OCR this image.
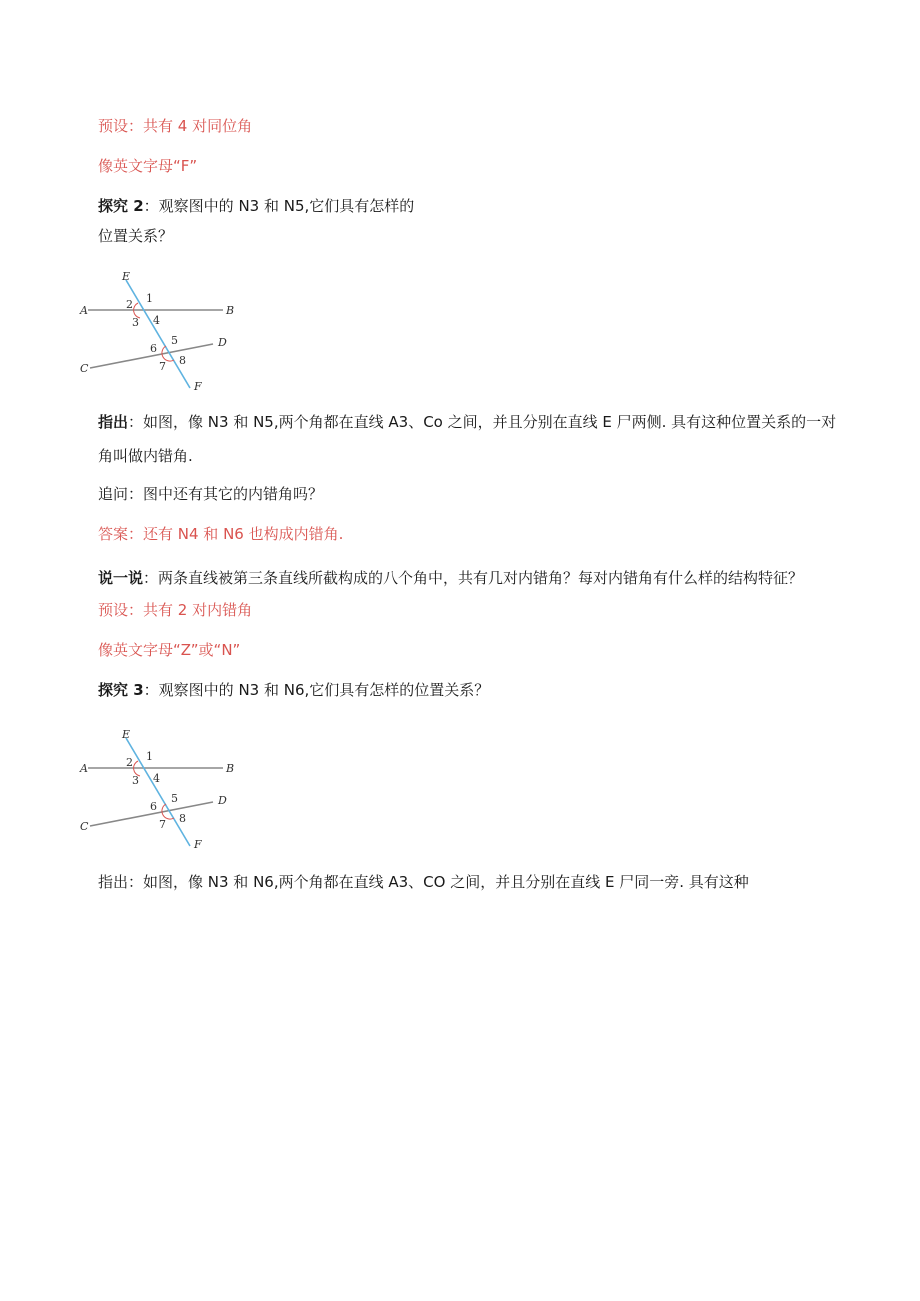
预设：共有 4 对同位角
像英文字母“F”
探究 2：观察图中的 N3 和 N5,它们具有怎样的
位置关系？
E
A	B
C
D
F
1
2
3 4
5
6
7 8
指出：如图，像 N3 和 N5,两个角都在直线 A3、Co 之间，并且分别在直线 E 尸两侧. 具有这种位置关系的一对
角叫做内错角.
追问：图中还有其它的内错角吗？
答案：还有 N4 和 N6 也构成内错角.
说一说：两条直线被第三条直线所截构成的八个角中，共有几对内错角？每对内错角有什么样的结构特征？
预设：共有 2 对内错角
像英文字母“Z”或“N”
探究 3：观察图中的 N3 和 N6,它们具有怎样的位置关系？
E
A	B
C
D
F
1
2
3 4
5
6
7 8
指出：如图，像 N3 和 N6,两个角都在直线 A3、CO 之间，并且分别在直线 E 尸同一旁. 具有这种
